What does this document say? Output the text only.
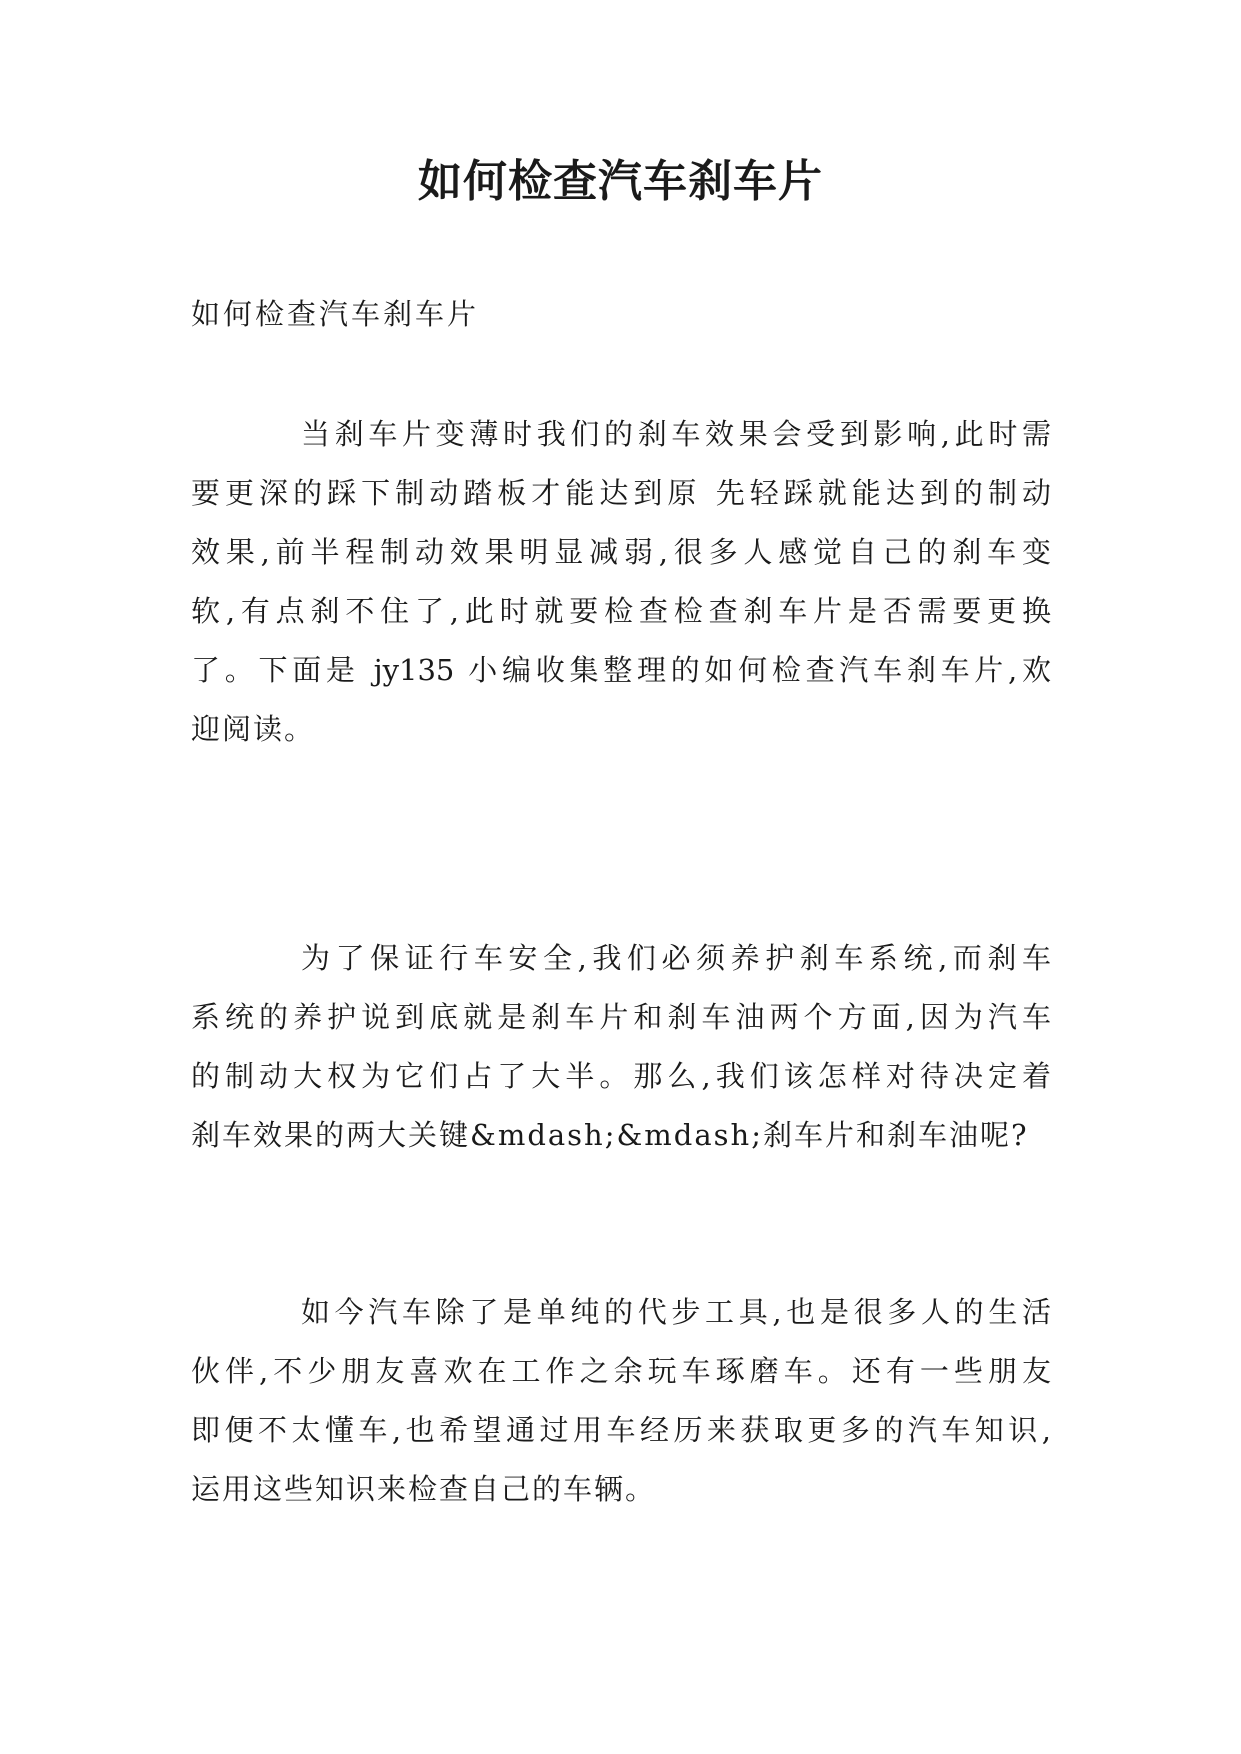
如何检查汽车刹车片
如何检查汽车刹车片
当刹车片变薄时我们的刹车效果会受到影响,此时需
要更深的踩下制动踏板才能达到原 先轻踩就能达到的制动
效果,前半程制动效果明显减弱,很多人感觉自己的刹车变
软,有点刹不住了,此时就要检查检查刹车片是否需要更换
了。下面是 jy135 小编收集整理的如何检查汽车刹车片,欢
迎阅读。
为了保证行车安全,我们必须养护刹车系统,而刹车
系统的养护说到底就是刹车片和刹车油两个方面,因为汽车
的制动大权为它们占了大半。那么,我们该怎样对待决定着
刹车效果的两大关键&mdash;&mdash;刹车片和刹车油呢?
如今汽车除了是单纯的代步工具,也是很多人的生活
伙伴,不少朋友喜欢在工作之余玩车琢磨车。还有一些朋友
即便不太懂车,也希望通过用车经历来获取更多的汽车知识,
运用这些知识来检查自己的车辆。
